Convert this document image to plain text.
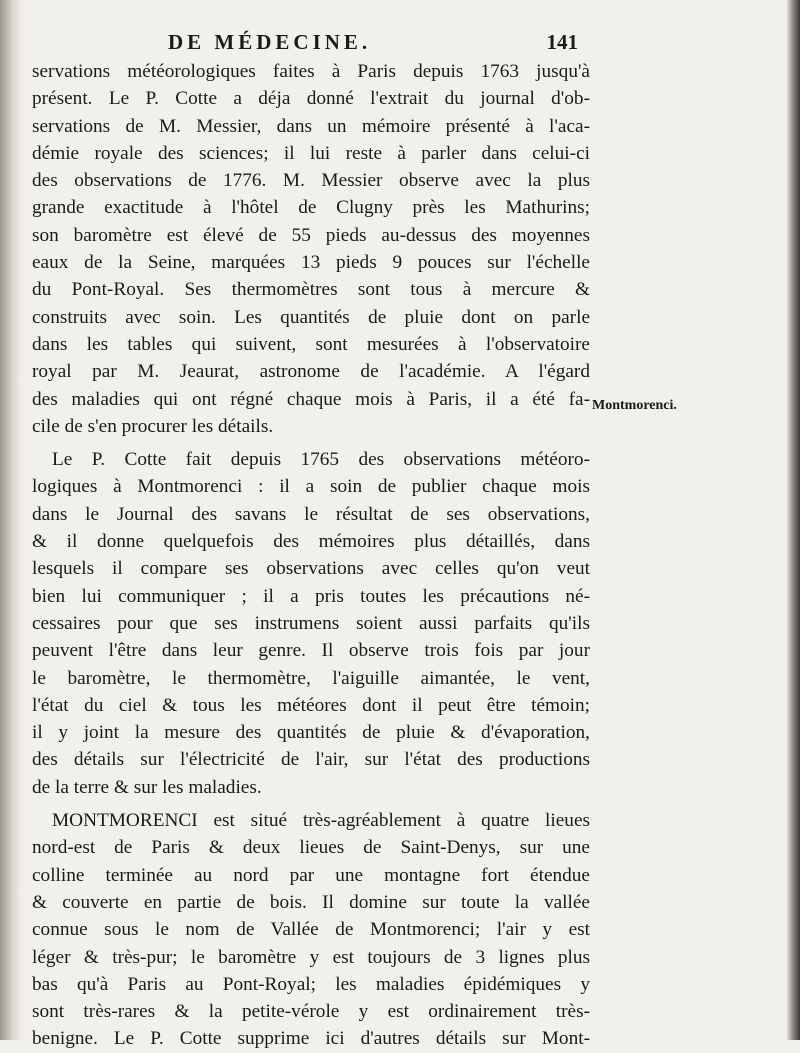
DE MÉDECINE.	141
servations météorologiques faites à Paris depuis 1763 jusqu'à
présent. Le P. Cotte a déja donné l'extrait du journal d'ob-
servations de M. Messier, dans un mémoire présenté à l'aca-
démie royale des sciences; il lui reste à parler dans celui-ci
des observations de 1776. M. Messier observe avec la plus
grande exactitude à l'hôtel de Clugny près les Mathurins;
son baromètre est élevé de 55 pieds au-dessus des moyennes
eaux de la Seine, marquées 13 pieds 9 pouces sur l'échelle
du Pont-Royal. Ses thermomètres sont tous à mercure &
construits avec soin. Les quantités de pluie dont on parle
dans les tables qui suivent, sont mesurées à l'observatoire
royal par M. Jeaurat, astronome de l'académie. A l'égard
des maladies qui ont régné chaque mois à Paris, il a été fa-
cile de s'en procurer les détails.
Le P. Cotte fait depuis 1765 des observations météoro-
logiques à Montmorenci : il a soin de publier chaque mois
dans le Journal des savans le résultat de ses observations,
& il donne quelquefois des mémoires plus détaillés, dans
lesquels il compare ses observations avec celles qu'on veut
bien lui communiquer ; il a pris toutes les précautions né-
cessaires pour que ses instrumens soient aussi parfaits qu'ils
peuvent l'être dans leur genre. Il observe trois fois par jour
le baromètre, le thermomètre, l'aiguille aimantée, le vent,
l'état du ciel & tous les météores dont il peut être témoin;
il y joint la mesure des quantités de pluie & d'évaporation,
des détails sur l'électricité de l'air, sur l'état des productions
de la terre & sur les maladies.
MONTMORENCI est situé très-agréablement à quatre lieues
nord-est de Paris & deux lieues de Saint-Denys, sur une
colline terminée au nord par une montagne fort étendue
& couverte en partie de bois. Il domine sur toute la vallée
connue sous le nom de Vallée de Montmorenci; l'air y est
léger & très-pur; le baromètre y est toujours de 3 lignes plus
bas qu'à Paris au Pont-Royal; les maladies épidémiques y
sont très-rares & la petite-vérole y est ordinairement très-
benigne. Le P. Cotte supprime ici d'autres détails sur Mont-
Montmorenci.
